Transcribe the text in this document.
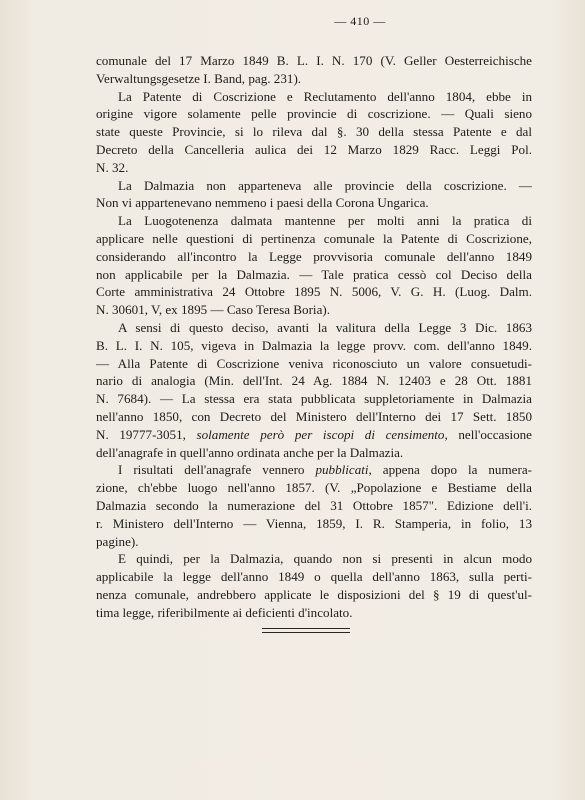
— 410 —

comunale del 17 Marzo 1849 B. L. I. N. 170 (V. Geller Oesterreichische
Verwaltungsgesetze I. Band, pag. 231).

La Patente di Coscrizione e Reclutamento dell'anno 1804, ebbe in
origine vigore solamente pelle provincie di coscrizione. — Quali sieno
state queste Provincie, si lo rileva dal §. 30 della stessa Patente e dal
Decreto della Cancelleria aulica dei 12 Marzo 1829 Racc. Leggi Pol.
N. 32.

La Dalmazia non apparteneva alle provincie della coscrizione. —
Non vi appartenevano nemmeno i paesi della Corona Ungarica.

La Luogotenenza dalmata mantenne per molti anni la pratica di
applicare nelle questioni di pertinenza comunale la Patente di Coscrizione,
considerando all'incontro la Legge provvisoria comunale dell'anno 1849
non applicabile per la Dalmazia. — Tale pratica cessò col Deciso della
Corte amministrativa 24 Ottobre 1895 N. 5006, V. G. H. (Luog. Dalm.
N. 30601, V, ex 1895 — Caso Teresa Boria).

A sensi di questo deciso, avanti la valitura della Legge 3 Dic. 1863
B. L. I. N. 105, vigeva in Dalmazia la legge provv. com. dell'anno 1849.
— Alla Patente di Coscrizione veniva riconosciuto un valore consuetudi-
nario di analogia (Min. dell'Int. 24 Ag. 1884 N. 12403 e 28 Ott. 1881
N. 7684). — La stessa era stata pubblicata suppletoriamente in Dalmazia
nell'anno 1850, con Decreto del Ministero dell'Interno dei 17 Sett. 1850
N. 19777-3051, solamente però per iscopi di censimento, nell'occasione
dell'anagrafe in quell'anno ordinata anche per la Dalmazia.

I risultati dell'anagrafe vennero pubblicati, appena dopo la numera-
zione, ch'ebbe luogo nell'anno 1857. (V. „Popolazione e Bestiame della
Dalmazia secondo la numerazione del 31 Ottobre 1857". Edizione dell'i.
r. Ministero dell'Interno — Vienna, 1859, I. R. Stamperia, in folio, 13
pagine).

E quindi, per la Dalmazia, quando non si presenti in alcun modo
applicabile la legge dell'anno 1849 o quella dell'anno 1863, sulla perti-
nenza comunale, andrebbero applicate le disposizioni del § 19 di quest'ul-
tima legge, riferibilmente ai deficienti d'incolato.
